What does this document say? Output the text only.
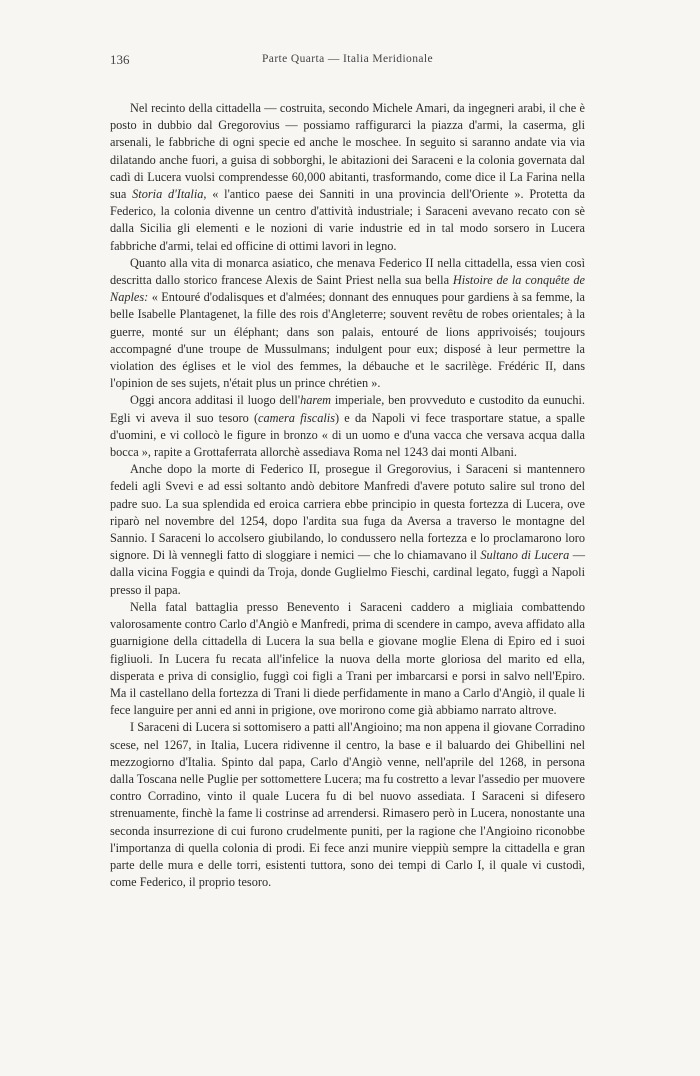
136	Parte Quarta — Italia Meridionale

Nel recinto della cittadella — costruita, secondo Michele Amari, da ingegneri arabi, il che è posto in dubbio dal Gregorovius — possiamo raffigurarci la piazza d'armi, la caserma, gli arsenali, le fabbriche di ogni specie ed anche le moschee. In seguito si saranno andate via via dilatando anche fuori, a guisa di sobborghi, le abitazioni dei Saraceni e la colonia governata dal cadì di Lucera vuolsi comprendesse 60,000 abitanti, trasformando, come dice il La Farina nella sua Storia d'Italia, « l'antico paese dei Sanniti in una provincia dell'Oriente ». Protetta da Federico, la colonia divenne un centro d'attività industriale; i Saraceni avevano recato con sè dalla Sicilia gli elementi e le nozioni di varie industrie ed in tal modo sorsero in Lucera fabbriche d'armi, telai ed officine di ottimi lavori in legno.

Quanto alla vita di monarca asiatico, che menava Federico II nella cittadella, essa vien così descritta dallo storico francese Alexis de Saint Priest nella sua bella Histoire de la conquête de Naples: « Entouré d'odalisques et d'almées; donnant des ennuques pour gardiens à sa femme, la belle Isabelle Plantagenet, la fille des rois d'Angleterre; souvent revêtu de robes orientales; à la guerre, monté sur un éléphant; dans son palais, entouré de lions apprivoisés; toujours accompagné d'une troupe de Mussulmans; indulgent pour eux; disposé à leur permettre la violation des églises et le viol des femmes, la débauche et le sacrilège. Frédéric II, dans l'opinion de ses sujets, n'était plus un prince chrétien ».

Oggi ancora additasi il luogo dell'harem imperiale, ben provveduto e custodito da eunuchi. Egli vi aveva il suo tesoro (camera fiscalis) e da Napoli vi fece trasportare statue, a spalle d'uomini, e vi collocò le figure in bronzo « di un uomo e d'una vacca che versava acqua dalla bocca », rapite a Grottaferrata allorchè assediava Roma nel 1243 dai monti Albani.

Anche dopo la morte di Federico II, prosegue il Gregorovius, i Saraceni si mantennero fedeli agli Svevi e ad essi soltanto andò debitore Manfredi d'avere potuto salire sul trono del padre suo. La sua splendida ed eroica carriera ebbe principio in questa fortezza di Lucera, ove riparò nel novembre del 1254, dopo l'ardita sua fuga da Aversa a traverso le montagne del Sannio. I Saraceni lo accolsero giubilando, lo condussero nella fortezza e lo proclamarono loro signore. Di là vennegli fatto di sloggiare i nemici — che lo chiamavano il Sultano di Lucera — dalla vicina Foggia e quindi da Troja, donde Guglielmo Fieschi, cardinal legato, fuggì a Napoli presso il papa.

Nella fatal battaglia presso Benevento i Saraceni caddero a migliaia combattendo valorosamente contro Carlo d'Angiò e Manfredi, prima di scendere in campo, aveva affidato alla guarnigione della cittadella di Lucera la sua bella e giovane moglie Elena di Epiro ed i suoi figliuoli. In Lucera fu recata all'infelice la nuova della morte gloriosa del marito ed ella, disperata e priva di consiglio, fuggì coi figli a Trani per imbarcarsi e porsi in salvo nell'Epiro. Ma il castellano della fortezza di Trani li diede perfidamente in mano a Carlo d'Angiò, il quale li fece languire per anni ed anni in prigione, ove morirono come già abbiamo narrato altrove.

I Saraceni di Lucera si sottomisero a patti all'Angioino; ma non appena il giovane Corradino scese, nel 1267, in Italia, Lucera ridivenne il centro, la base e il baluardo dei Ghibellini nel mezzogiorno d'Italia. Spinto dal papa, Carlo d'Angiò venne, nell'aprile del 1268, in persona dalla Toscana nelle Puglie per sottomettere Lucera; ma fu costretto a levar l'assedio per muovere contro Corradino, vinto il quale Lucera fu di bel nuovo assediata. I Saraceni si difesero strenuamente, finchè la fame li costrinse ad arrendersi. Rimasero però in Lucera, nonostante una seconda insurrezione di cui furono crudelmente puniti, per la ragione che l'Angioino riconobbe l'importanza di quella colonia di prodi. Ei fece anzi munire vieppiù sempre la cittadella e gran parte delle mura e delle torri, esistenti tuttora, sono dei tempi di Carlo I, il quale vi custodì, come Federico, il proprio tesoro.
